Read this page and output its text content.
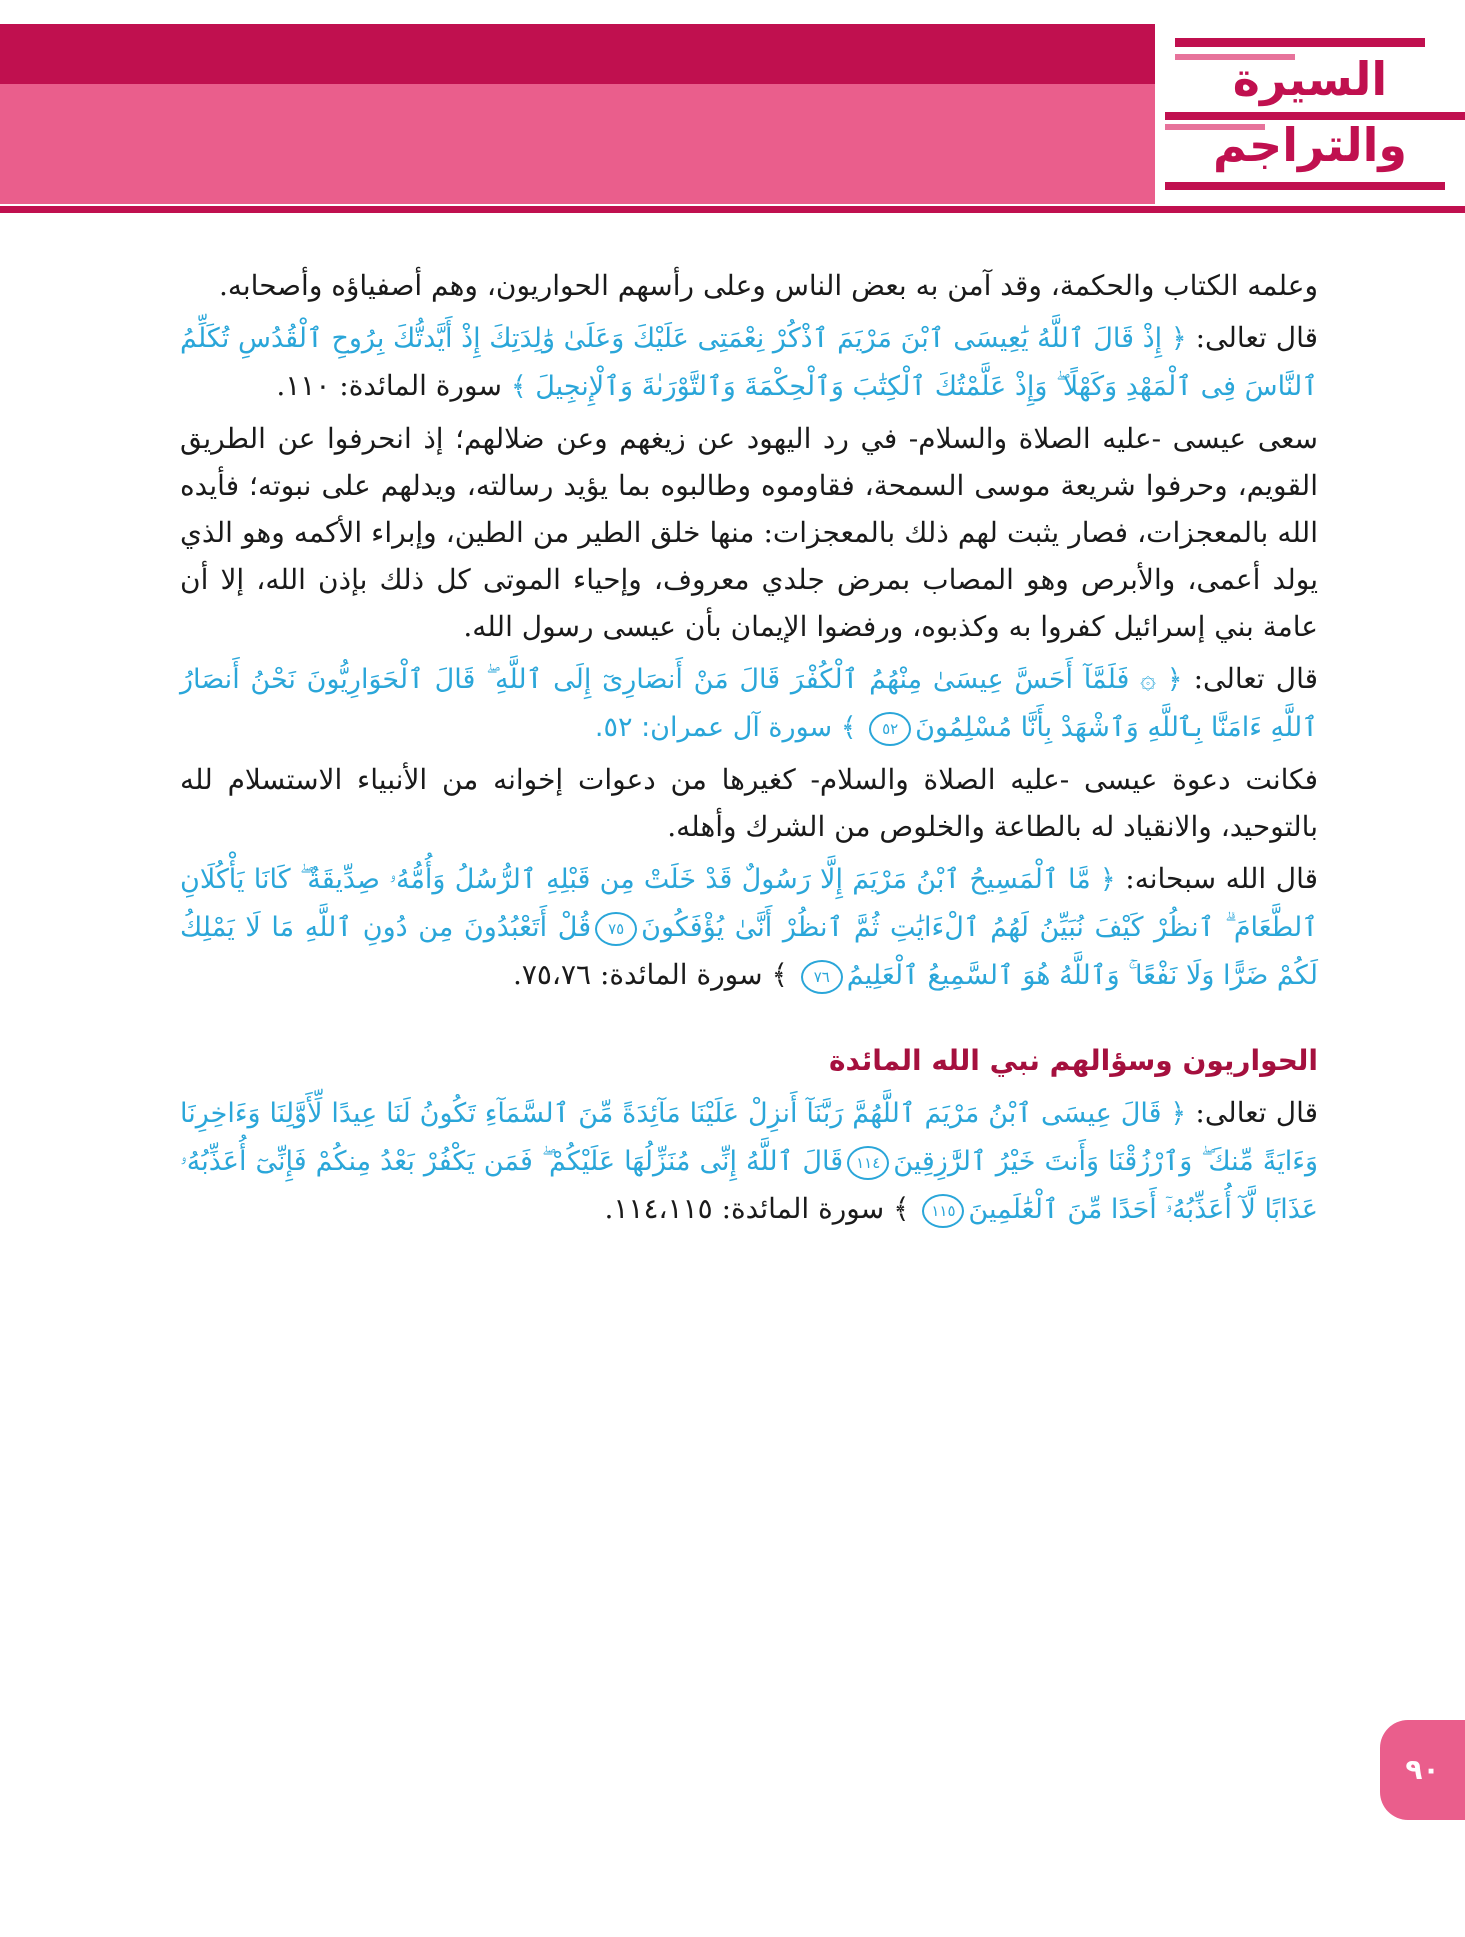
السيرة
والتراجم

وعلمه الكتاب والحكمة، وقد آمن به بعض الناس وعلى رأسهم الحواريون، وهم أصفياؤه وأصحابه.

قال تعالى: ﴿ إِذْ قَالَ ٱللَّهُ يَٰعِيسَى ٱبْنَ مَرْيَمَ ٱذْكُرْ نِعْمَتِى عَلَيْكَ وَعَلَىٰ وَٰلِدَتِكَ إِذْ أَيَّدتُّكَ بِرُوحِ ٱلْقُدُسِ تُكَلِّمُ ٱلنَّاسَ فِى ٱلْمَهْدِ وَكَهْلًا ۖ وَإِذْ عَلَّمْتُكَ ٱلْكِتَٰبَ وَٱلْحِكْمَةَ وَٱلتَّوْرَىٰةَ وَٱلْإِنجِيلَ ﴾ سورة المائدة: ١١٠.

سعى عيسى -عليه الصلاة والسلام- في رد اليهود عن زيغهم وعن ضلالهم؛ إذ انحرفوا عن الطريق القويم، وحرفوا شريعة موسى السمحة، فقاوموه وطالبوه بما يؤيد رسالته، ويدلهم على نبوته؛ فأيده الله بالمعجزات، فصار يثبت لهم ذلك بالمعجزات: منها خلق الطير من الطين، وإبراء الأكمه وهو الذي يولد أعمى، والأبرص وهو المصاب بمرض جلدي معروف، وإحياء الموتى كل ذلك بإذن الله، إلا أن عامة بني إسرائيل كفروا به وكذبوه، ورفضوا الإيمان بأن عيسى رسول الله.

قال تعالى: ﴿ ۞ فَلَمَّآ أَحَسَّ عِيسَىٰ مِنْهُمُ ٱلْكُفْرَ قَالَ مَنْ أَنصَارِىٓ إِلَى ٱللَّهِ ۖ قَالَ ٱلْحَوَارِيُّونَ نَحْنُ أَنصَارُ ٱللَّهِ ءَامَنَّا بِٱللَّهِ وَٱشْهَدْ بِأَنَّا مُسْلِمُونَ٥٢ ﴾ سورة آل عمران: ٥٢.

فكانت دعوة عيسى -عليه الصلاة والسلام- كغيرها من دعوات إخوانه من الأنبياء الاستسلام لله بالتوحيد، والانقياد له بالطاعة والخلوص من الشرك وأهله.

قال الله سبحانه: ﴿ مَّا ٱلْمَسِيحُ ٱبْنُ مَرْيَمَ إِلَّا رَسُولٌ قَدْ خَلَتْ مِن قَبْلِهِ ٱلرُّسُلُ وَأُمُّهُۥ صِدِّيقَةٌ ۖ كَانَا يَأْكُلَانِ ٱلطَّعَامَ ۗ ٱنظُرْ كَيْفَ نُبَيِّنُ لَهُمُ ٱلْءَايَٰتِ ثُمَّ ٱنظُرْ أَنَّىٰ يُؤْفَكُونَ٧٥قُلْ أَتَعْبُدُونَ مِن دُونِ ٱللَّهِ مَا لَا يَمْلِكُ لَكُمْ ضَرًّا وَلَا نَفْعًا ۚ وَٱللَّهُ هُوَ ٱلسَّمِيعُ ٱلْعَلِيمُ٧٦ ﴾ سورة المائدة: ٧٥،٧٦.

الحواريون وسؤالهم نبي الله المائدة

قال تعالى: ﴿ قَالَ عِيسَى ٱبْنُ مَرْيَمَ ٱللَّهُمَّ رَبَّنَآ أَنزِلْ عَلَيْنَا مَآئِدَةً مِّنَ ٱلسَّمَآءِ تَكُونُ لَنَا عِيدًا لِّأَوَّلِنَا وَءَاخِرِنَا وَءَايَةً مِّنكَ ۖ وَٱرْزُقْنَا وَأَنتَ خَيْرُ ٱلرَّٰزِقِينَ١١٤قَالَ ٱللَّهُ إِنِّى مُنَزِّلُهَا عَلَيْكُمْ ۖ فَمَن يَكْفُرْ بَعْدُ مِنكُمْ فَإِنِّىٓ أُعَذِّبُهُۥ عَذَابًا لَّآ أُعَذِّبُهُۥٓ أَحَدًا مِّنَ ٱلْعَٰلَمِينَ١١٥ ﴾ سورة المائدة: ١١٤،١١٥.

٩٠
